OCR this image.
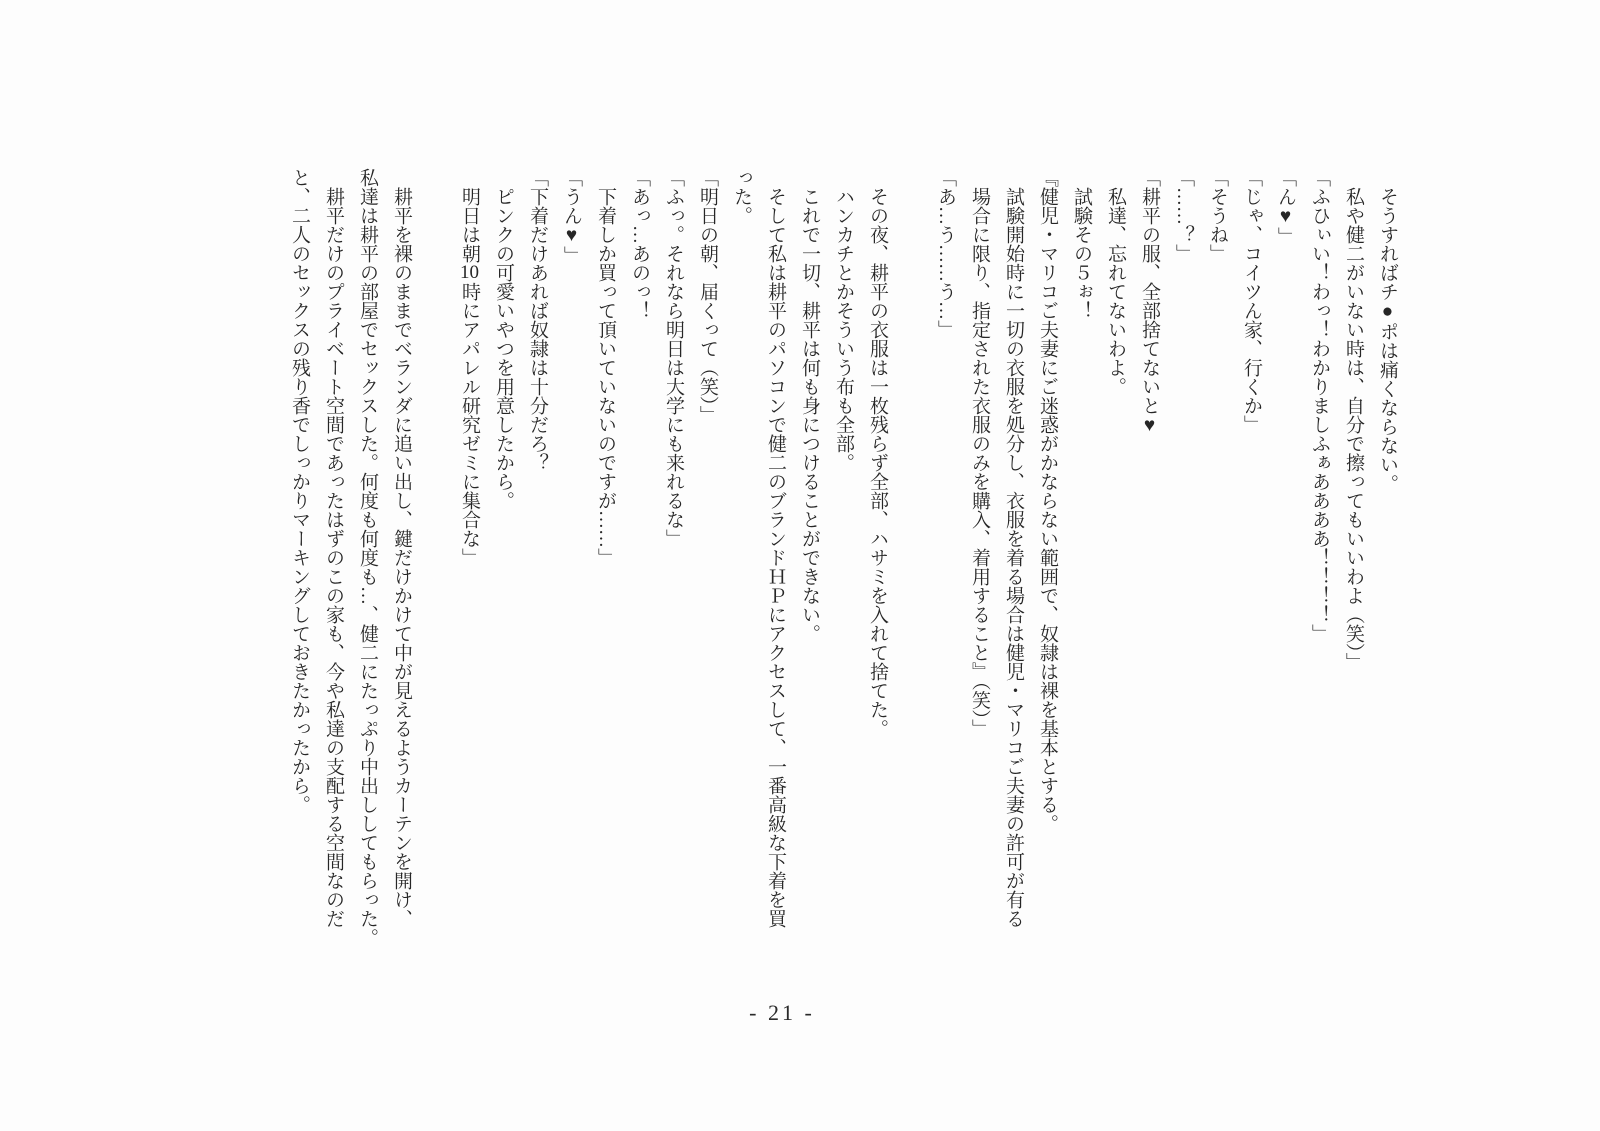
そうすればチ●ポは痛くならない。

私や健二がいない時は、自分で擦ってもいいわよ（笑）」

「ふひぃい！わっ！わかりましふぁああああ！！！！」

「ん♥」

「じゃ、コイツん家、行くか」

「そうね」

「……？」

「耕平の服、全部捨てないと♥

私達、忘れてないわよ。

試験その５ぉ！

『健児・マリコご夫妻にご迷惑がかならない範囲で、奴隷は裸を基本とする。

試験開始時に一切の衣服を処分し、衣服を着る場合は健児・マリコご夫妻の許可が有る

場合に限り、指定された衣服のみを購入、着用すること』（笑）」

「あ…う……う…」

その夜、耕平の衣服は一枚残らず全部、ハサミを入れて捨てた。

ハンカチとかそういう布も全部。

これで一切、耕平は何も身につけることができない。

そして私は耕平のパソコンで健二のブランドＨＰにアクセスして、一番高級な下着を買

った。

「明日の朝、届くって（笑）」

「ふっ。それなら明日は大学にも来れるな」

「あっ…あのっ！

下着しか買って頂いていないのですが……」

「うん♥」

「下着だけあれば奴隷は十分だろ？

ピンクの可愛いやつを用意したから。

明日は朝10時にアパレル研究ゼミに集合な」

耕平を裸のままでベランダに追い出し、鍵だけかけて中が見えるようカーテンを開け、

私達は耕平の部屋でセックスした。何度も何度も…、健二にたっぷり中出ししてもらった。

耕平だけのプライベート空間であったはずのこの家も、今や私達の支配する空間なのだ

と、二人のセックスの残り香でしっかりマーキングしておきたかったから。

- 21 -
